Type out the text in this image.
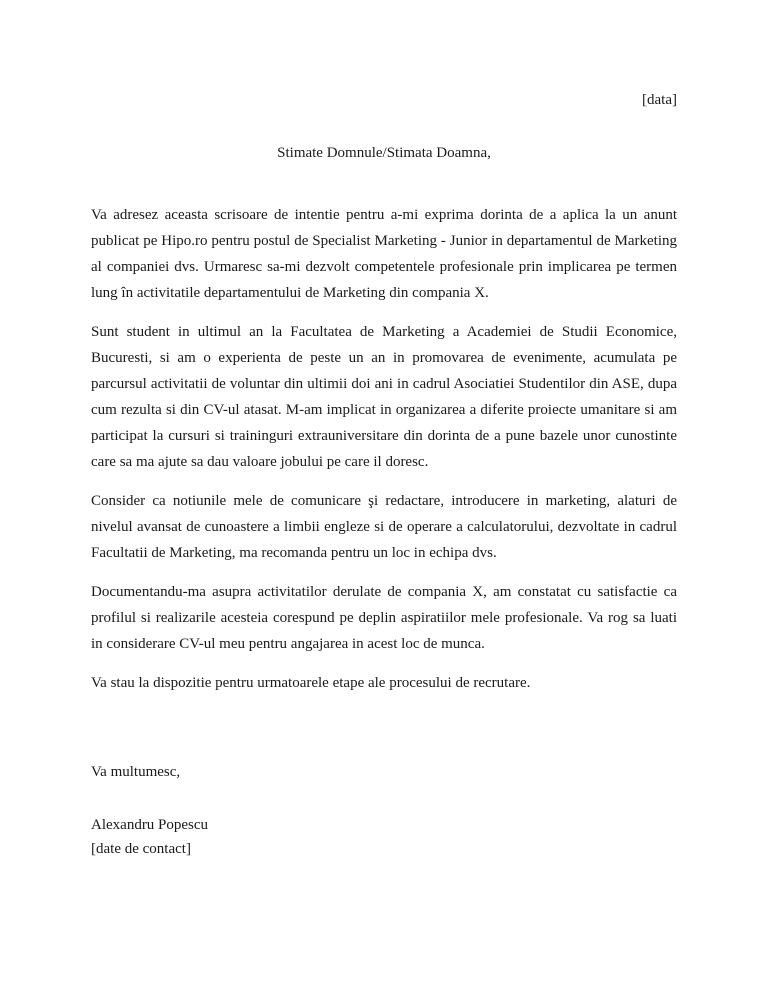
[data]
Stimate Domnule/Stimata Doamna,

Va adresez aceasta scrisoare de intentie pentru a-mi exprima dorinta de a aplica la un anunt publicat pe Hipo.ro pentru postul de Specialist Marketing - Junior in departamentul de Marketing al companiei dvs. Urmaresc sa-mi dezvolt competentele profesionale prin implicarea pe termen lung în activitatile departamentului de Marketing din compania X.

Sunt student in ultimul an la Facultatea de Marketing a Academiei de Studii Economice, Bucuresti, si am o experienta de peste un an in promovarea de evenimente, acumulata pe parcursul activitatii de voluntar din ultimii doi ani in cadrul Asociatiei Studentilor din ASE, dupa cum rezulta si din CV-ul atasat. M-am implicat in organizarea a diferite proiecte umanitare si am participat la cursuri si traininguri extrauniversitare din dorinta de a pune bazele unor cunostinte care sa ma ajute sa dau valoare jobului pe care il doresc.

Consider ca notiunile mele de comunicare şi redactare, introducere in marketing, alaturi de nivelul avansat de cunoastere a limbii engleze si de operare a calculatorului, dezvoltate in cadrul Facultatii de Marketing, ma recomanda pentru un loc in echipa dvs.

Documentandu-ma asupra activitatilor derulate de compania X, am constatat cu satisfactie ca profilul si realizarile acesteia corespund pe deplin aspiratiilor mele profesionale. Va rog sa luati in considerare CV-ul meu pentru angajarea in acest loc de munca.

Va stau la dispozitie pentru urmatoarele etape ale procesului de recrutare.

Va multumesc,
Alexandru Popescu
[date de contact]
